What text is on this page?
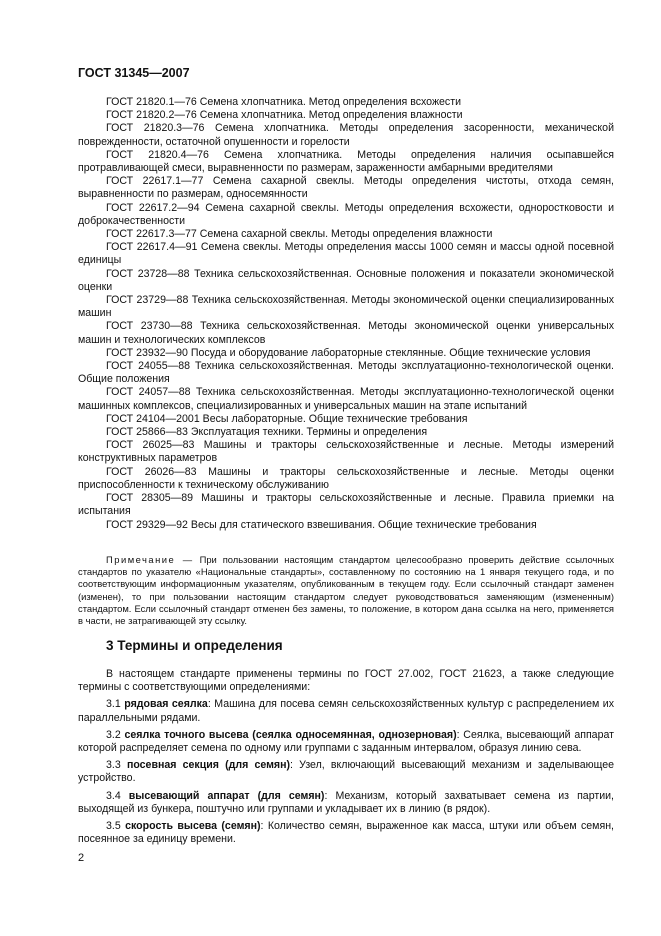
ГОСТ 31345—2007

ГОСТ 21820.1—76 Семена хлопчатника. Метод определения всхожести

ГОСТ 21820.2—76 Семена хлопчатника. Метод определения влажности

ГОСТ 21820.3—76 Семена хлопчатника. Методы определения засоренности, механической поврежденности, остаточной опушенности и горелости

ГОСТ 21820.4—76 Семена хлопчатника. Методы определения наличия осыпавшейся протравливающей смеси, выравненности по размерам, зараженности амбарными вредителями

ГОСТ 22617.1—77 Семена сахарной свеклы. Методы определения чистоты, отхода семян, выравненности по размерам, односемянности

ГОСТ 22617.2—94 Семена сахарной свеклы. Методы определения всхожести, одноростковости и доброкачественности

ГОСТ 22617.3—77 Семена сахарной свеклы. Методы определения влажности

ГОСТ 22617.4—91 Семена свеклы. Методы определения массы 1000 семян и массы одной посевной единицы

ГОСТ 23728—88 Техника сельскохозяйственная. Основные положения и показатели экономической оценки

ГОСТ 23729—88 Техника сельскохозяйственная. Методы экономической оценки специализированных машин

ГОСТ 23730—88 Техника сельскохозяйственная. Методы экономической оценки универсальных машин и технологических комплексов

ГОСТ 23932—90 Посуда и оборудование лабораторные стеклянные. Общие технические условия

ГОСТ 24055—88 Техника сельскохозяйственная. Методы эксплуатационно-технологической оценки. Общие положения

ГОСТ 24057—88 Техника сельскохозяйственная. Методы эксплуатационно-технологической оценки машинных комплексов, специализированных и универсальных машин на этапе испытаний

ГОСТ 24104—2001 Весы лабораторные. Общие технические требования

ГОСТ 25866—83 Эксплуатация техники. Термины и определения

ГОСТ 26025—83 Машины и тракторы сельскохозяйственные и лесные. Методы измерений конструктивных параметров

ГОСТ 26026—83 Машины и тракторы сельскохозяйственные и лесные. Методы оценки приспособленности к техническому обслуживанию

ГОСТ 28305—89 Машины и тракторы сельскохозяйственные и лесные. Правила приемки на испытания

ГОСТ 29329—92 Весы для статического взвешивания. Общие технические требования

Примечание — При пользовании настоящим стандартом целесообразно проверить действие ссылочных стандартов по указателю «Национальные стандарты», составленному по состоянию на 1 января текущего года, и по соответствующим информационным указателям, опубликованным в текущем году. Если ссылочный стандарт заменен (изменен), то при пользовании настоящим стандартом следует руководствоваться заменяющим (измененным) стандартом. Если ссылочный стандарт отменен без замены, то положение, в котором дана ссылка на него, применяется в части, не затрагивающей эту ссылку.

3 Термины и определения

В настоящем стандарте применены термины по ГОСТ 27.002, ГОСТ 21623, а также следующие термины с соответствующими определениями:

3.1 рядовая сеялка: Машина для посева семян сельскохозяйственных культур с распределением их параллельными рядами.

3.2 сеялка точного высева (сеялка односемянная, однозерновая): Сеялка, высевающий аппарат которой распределяет семена по одному или группами с заданным интервалом, образуя линию сева.

3.3 посевная секция (для семян): Узел, включающий высевающий механизм и заделывающее устройство.

3.4 высевающий аппарат (для семян): Механизм, который захватывает семена из партии, выходящей из бункера, поштучно или группами и укладывает их в линию (в рядок).

3.5 скорость высева (семян): Количество семян, выраженное как масса, штуки или объем семян, посеянное за единицу времени.

2
